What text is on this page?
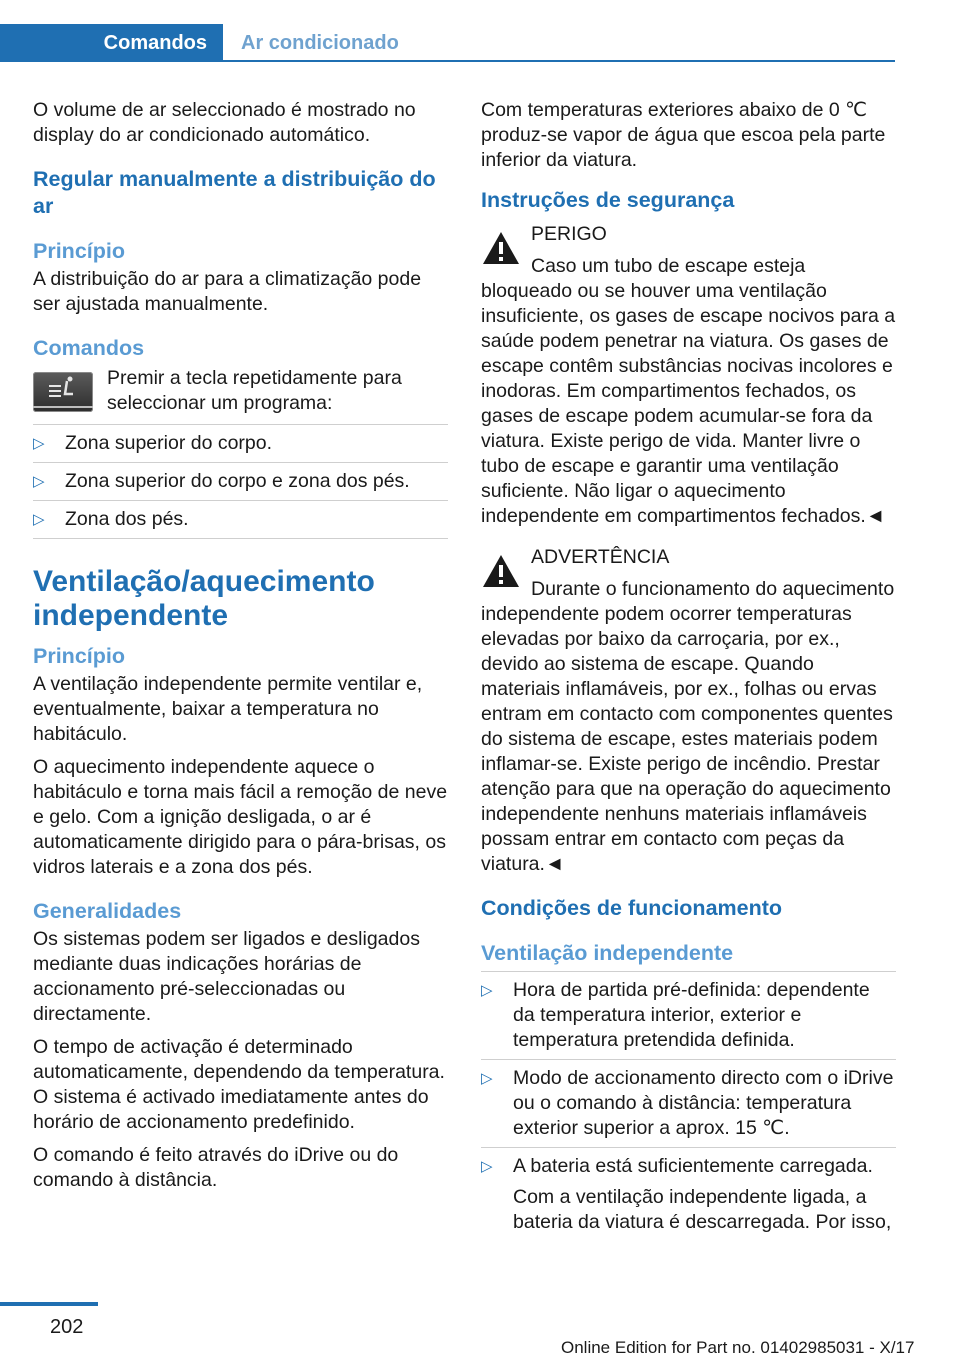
Comandos	Ar condicionado

O volume de ar seleccionado é mostrado no display do ar condicionado automático.

Regular manualmente a distribuição do ar
Princípio

A distribuição do ar para a climatização pode ser ajustada manualmente.

Comandos
Premir a tecla repetidamente para seleccionar um programa:
▷ Zona superior do corpo.
▷ Zona superior do corpo e zona dos pés.
▷ Zona dos pés.
Ventilação/aquecimento independente
Princípio

A ventilação independente permite ventilar e, eventualmente, baixar a temperatura no habitáculo.

O aquecimento independente aquece o habitáculo e torna mais fácil a remoção de neve e gelo. Com a ignição desligada, o ar é automaticamente dirigido para o pára-brisas, os vidros laterais e a zona dos pés.

Generalidades

Os sistemas podem ser ligados e desligados mediante duas indicações horárias de accionamento pré-seleccionadas ou directamente.

O tempo de activação é determinado automaticamente, dependendo da temperatura. O sistema é activado imediatamente antes do horário de accionamento predefinido.

O comando é feito através do iDrive ou do comando à distância.

Com temperaturas exteriores abaixo de 0 ℃ produz-se vapor de água que escoa pela parte inferior da viatura.

Instruções de segurança
PERIGO

Caso um tubo de escape esteja bloqueado ou se houver uma ventilação insuficiente, os gases de escape nocivos para a saúde podem penetrar na viatura. Os gases de escape contêm substâncias nocivas incolores e inodoras. Em compartimentos fechados, os gases de escape podem acumular-se fora da viatura. Existe perigo de vida. Manter livre o tubo de escape e garantir uma ventilação suficiente. Não ligar o aquecimento independente em compartimentos fechados.◄

ADVERTÊNCIA

Durante o funcionamento do aquecimento independente podem ocorrer temperaturas elevadas por baixo da carroçaria, por ex., devido ao sistema de escape. Quando materiais inflamáveis, por ex., folhas ou ervas entram em contacto com componentes quentes do sistema de escape, estes materiais podem inflamar-se. Existe perigo de incêndio. Prestar atenção para que na operação do aquecimento independente nenhuns materiais inflamáveis possam entrar em contacto com peças da viatura.◄

Condições de funcionamento
Ventilação independente
▷ Hora de partida pré-definida: dependente da temperatura interior, exterior e temperatura pretendida definida.
▷ Modo de accionamento directo com o iDrive ou o comando à distância: temperatura exterior superior a aprox. 15 ℃.
▷ A bateria está suficientemente carregada.
Com a ventilação independente ligada, a bateria da viatura é descarregada. Por isso,
202
Online Edition for Part no. 01402985031 - X/17
